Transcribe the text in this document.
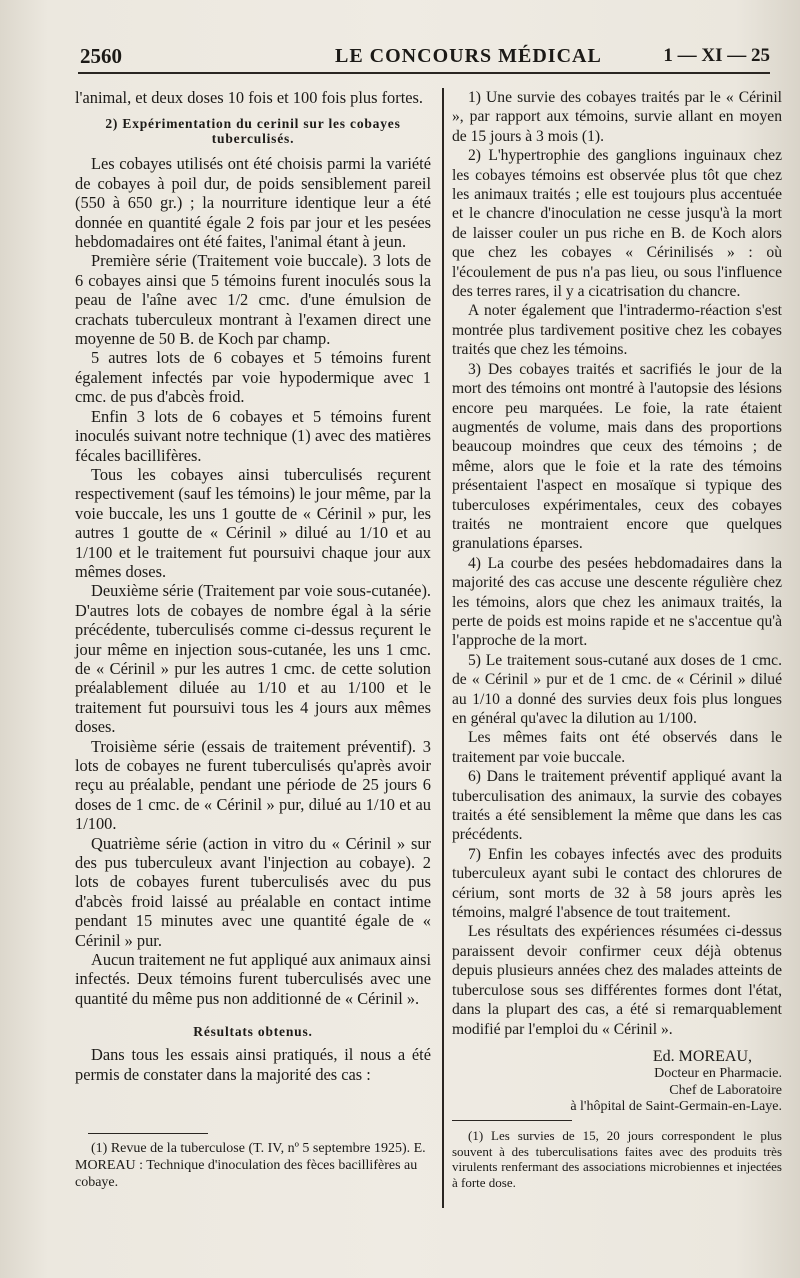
2560	LE CONCOURS MÉDICAL	1 — XI — 25

l'animal, et deux doses 10 fois et 100 fois plus fortes.

2) Expérimentation du cerinil sur les cobayes tuberculisés.

Les cobayes utilisés ont été choisis parmi la variété de cobayes à poil dur, de poids sensiblement pareil (550 à 650 gr.) ; la nourriture identique leur a été donnée en quantité égale 2 fois par jour et les pesées hebdomadaires ont été faites, l'animal étant à jeun.

Première série (Traitement voie buccale). 3 lots de 6 cobayes ainsi que 5 témoins furent inoculés sous la peau de l'aîne avec 1/2 cmc. d'une émulsion de crachats tuberculeux montrant à l'examen direct une moyenne de 50 B. de Koch par champ.

5 autres lots de 6 cobayes et 5 témoins furent également infectés par voie hypodermique avec 1 cmc. de pus d'abcès froid.

Enfin 3 lots de 6 cobayes et 5 témoins furent inoculés suivant notre technique (1) avec des matières fécales bacillifères.

Tous les cobayes ainsi tuberculisés reçurent respectivement (sauf les témoins) le jour même, par la voie buccale, les uns 1 goutte de « Cérinil » pur, les autres 1 goutte de « Cérinil » dilué au 1/10 et au 1/100 et le traitement fut poursuivi chaque jour aux mêmes doses.

Deuxième série (Traitement par voie sous-cutanée). D'autres lots de cobayes de nombre égal à la série précédente, tuberculisés comme ci-dessus reçurent le jour même en injection sous-cutanée, les uns 1 cmc. de « Cérinil » pur les autres 1 cmc. de cette solution préalablement diluée au 1/10 et au 1/100 et le traitement fut poursuivi tous les 4 jours aux mêmes doses.

Troisième série (essais de traitement préventif). 3 lots de cobayes ne furent tuberculisés qu'après avoir reçu au préalable, pendant une période de 25 jours 6 doses de 1 cmc. de « Cérinil » pur, dilué au 1/10 et au 1/100.

Quatrième série (action in vitro du « Cérinil » sur des pus tuberculeux avant l'injection au cobaye). 2 lots de cobayes furent tuberculisés avec du pus d'abcès froid laissé au préalable en contact intime pendant 15 minutes avec une quantité égale de « Cérinil » pur.

Aucun traitement ne fut appliqué aux animaux ainsi infectés. Deux témoins furent tuberculisés avec une quantité du même pus non additionné de « Cérinil ».

Résultats obtenus.

Dans tous les essais ainsi pratiqués, il nous a été permis de constater dans la majorité des cas :

(1) Revue de la tuberculose (T. IV, nº 5 septembre 1925). E. MOREAU : Technique d'inoculation des fèces bacillifères au cobaye.

1) Une survie des cobayes traités par le « Cérinil », par rapport aux témoins, survie allant en moyen de 15 jours à 3 mois (1).

2) L'hypertrophie des ganglions inguinaux chez les cobayes témoins est observée plus tôt que chez les animaux traités ; elle est toujours plus accentuée et le chancre d'inoculation ne cesse jusqu'à la mort de laisser couler un pus riche en B. de Koch alors que chez les cobayes « Cérinilisés » : où l'écoulement de pus n'a pas lieu, ou sous l'influence des terres rares, il y a cicatrisation du chancre.

A noter également que l'intradermo-réaction s'est montrée plus tardivement positive chez les cobayes traités que chez les témoins.

3) Des cobayes traités et sacrifiés le jour de la mort des témoins ont montré à l'autopsie des lésions encore peu marquées. Le foie, la rate étaient augmentés de volume, mais dans des proportions beaucoup moindres que ceux des témoins ; de même, alors que le foie et la rate des témoins présentaient l'aspect en mosaïque si typique des tuberculoses expérimentales, ceux des cobayes traités ne montraient encore que quelques granulations éparses.

4) La courbe des pesées hebdomadaires dans la majorité des cas accuse une descente régulière chez les témoins, alors que chez les animaux traités, la perte de poids est moins rapide et ne s'accentue qu'à l'approche de la mort.

5) Le traitement sous-cutané aux doses de 1 cmc. de « Cérinil » pur et de 1 cmc. de « Cérinil » dilué au 1/10 a donné des survies deux fois plus longues en général qu'avec la dilution au 1/100.

Les mêmes faits ont été observés dans le traitement par voie buccale.

6) Dans le traitement préventif appliqué avant la tuberculisation des animaux, la survie des cobayes traités a été sensiblement la même que dans les cas précédents.

7) Enfin les cobayes infectés avec des produits tuberculeux ayant subi le contact des chlorures de cérium, sont morts de 32 à 58 jours après les témoins, malgré l'absence de tout traitement.

Les résultats des expériences résumées ci-dessus paraissent devoir confirmer ceux déjà obtenus depuis plusieurs années chez des malades atteints de tuberculose sous ses différentes formes dont l'état, dans la plupart des cas, a été si remarquablement modifié par l'emploi du « Cérinil ».

Ed. MOREAU,
Docteur en Pharmacie.
Chef de Laboratoire
à l'hôpital de Saint-Germain-en-Laye.

(1) Les survies de 15, 20 jours correspondent le plus souvent à des tuberculisations faites avec des produits très virulents renfermant des associations microbiennes et injectées à forte dose.
